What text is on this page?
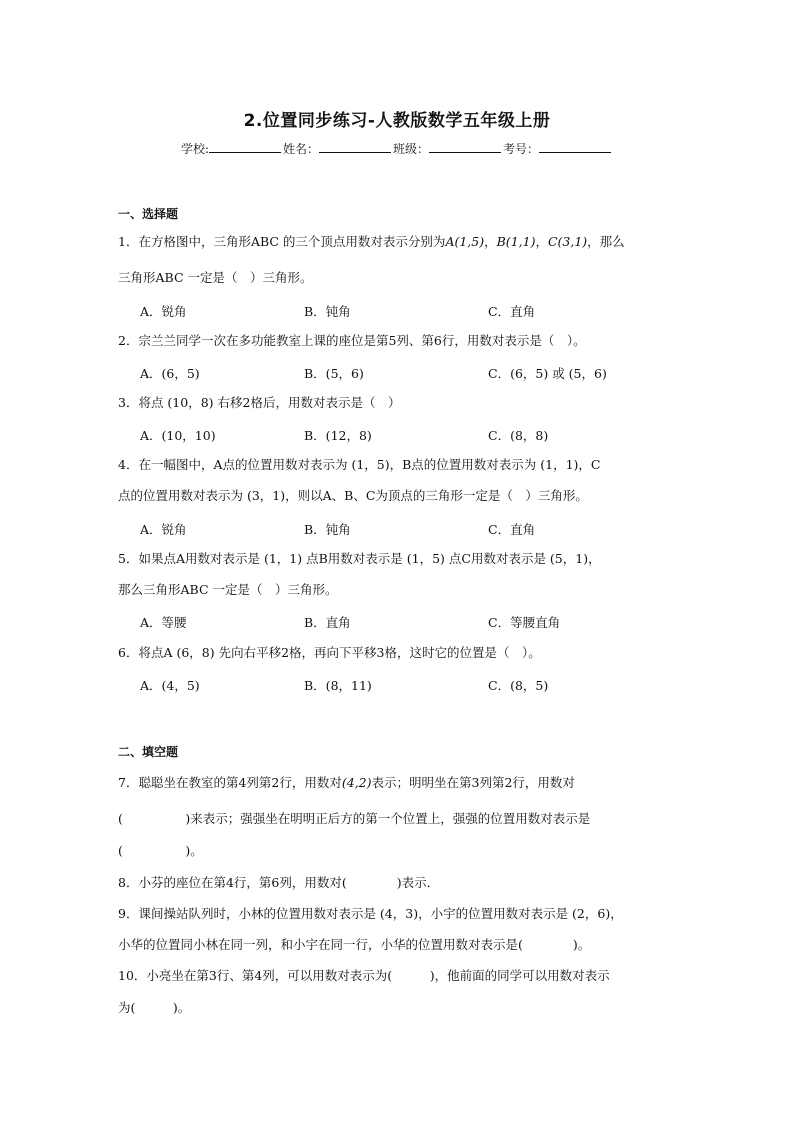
2.位置同步练习-人教版数学五年级上册
学校:	姓名：	班级：	考号：
一、选择题
1．在方格图中，三角形ABC 的三个顶点用数对表示分别为A(1,5)，B(1,1)，C(3,1)，那么
三角形ABC 一定是（　）三角形。
A．锐角	B．钝角	C．直角
2．宗兰兰同学一次在多功能教室上课的座位是第5列、第6行，用数对表示是（　）。
A．(6，5)	B．(5，6)	C．(6，5) 或 (5，6)
3．将点 (10，8) 右移2格后，用数对表示是（　）
A．(10，10)	B．(12，8)	C．(8，8)
4．在一幅图中，A点的位置用数对表示为 (1，5)，B点的位置用数对表示为 (1，1)，C
点的位置用数对表示为 (3，1)，则以A、B、C为顶点的三角形一定是（　）三角形。
A．锐角	B．钝角	C．直角
5．如果点A用数对表示是 (1，1) 点B用数对表示是 (1，5) 点C用数对表示是 (5，1)，
那么三角形ABC 一定是（　）三角形。
A．等腰	B．直角	C．等腰直角
6．将点A (6，8) 先向右平移2格，再向下平移3格，这时它的位置是（　）。
A．(4，5)	B．(8，11)	C．(8，5)
二、填空题
7．聪聪坐在教室的第4列第2行，用数对(4,2)表示；明明坐在第3列第2行，用数对
(　　　　　)来表示；强强坐在明明正后方的第一个位置上，强强的位置用数对表示是
(　　　　　)。
8．小芬的座位在第4行，第6列，用数对(　　　　)表示．
9．课间操站队列时，小林的位置用数对表示是 (4，3)，小宇的位置用数对表示是 (2，6)，
小华的位置同小林在同一列，和小宇在同一行，小华的位置用数对表示是(　　　　)。
10．小亮坐在第3行、第4列，可以用数对表示为(　　　)，他前面的同学可以用数对表示
为(　　　)。
